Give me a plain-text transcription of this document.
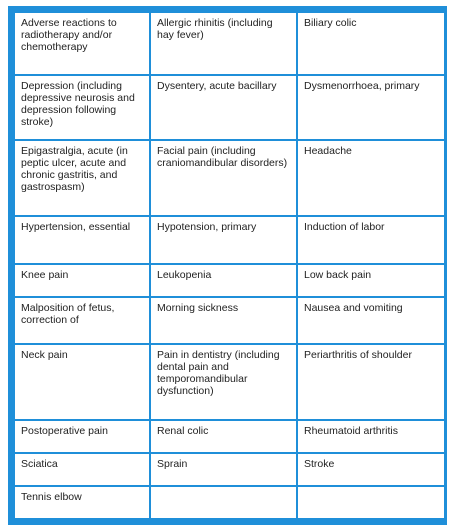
Adverse reactions to radiotherapy and/or chemotherapy	Allergic rhinitis (including hay fever)	Biliary colic
Depression (including depressive neurosis and depression following stroke)	Dysentery, acute bacillary	Dysmenorrhoea, primary
Epigastralgia, acute (in peptic ulcer, acute and chronic gastritis, and gastrospasm)	Facial pain (including craniomandibular disorders)	Headache
Hypertension, essential	Hypotension, primary	Induction of labor
Knee pain	Leukopenia	Low back pain
Malposition of fetus, correction of	Morning sickness	Nausea and vomiting
Neck pain	Pain in dentistry (including dental pain and temporomandibular dysfunction)	Periarthritis of shoulder
Postoperative pain	Renal colic	Rheumatoid arthritis
Sciatica	Sprain	Stroke
Tennis elbow		
